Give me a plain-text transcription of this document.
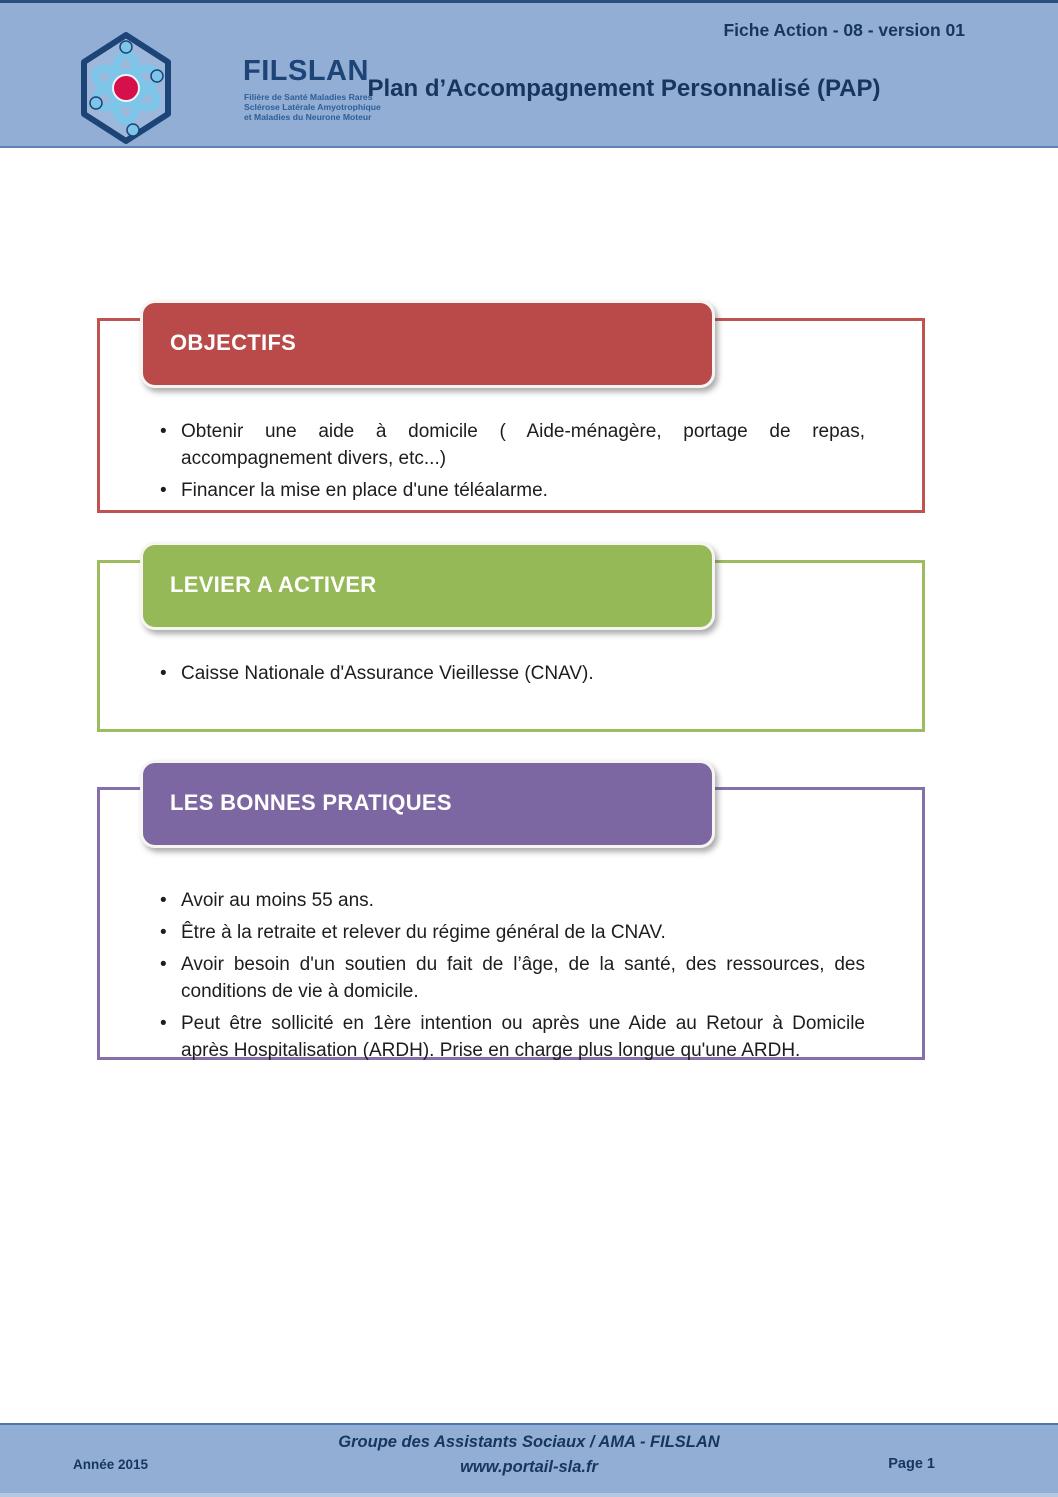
FILSLAN
Filière de Santé Maladies Rares
Sclérose Latérale Amyotrophique
et Maladies du Neurone Moteur
Fiche Action - 08 - version 01
Plan d’Accompagnement Personnalisé (PAP)
• Obtenir une aide à domicile ( Aide-ménagère, portage de repas, accompagnement divers, etc...)
• Financer la mise en place d'une téléalarme.
OBJECTIFS
• Caisse Nationale d'Assurance Vieillesse (CNAV).
LEVIER A ACTIVER
• Avoir au moins 55 ans.
• Être à la retraite et relever du régime général de la CNAV.
• Avoir besoin d'un soutien du fait de l’âge, de la santé, des ressources, des conditions de vie à domicile.
• Peut être sollicité en 1ère intention ou après une Aide au Retour à Domicile après Hospitalisation (ARDH). Prise en charge plus longue qu'une ARDH.
LES BONNES PRATIQUES
Groupe des Assistants Sociaux / AMA - FILSLAN
www.portail-sla.fr
Année 2015	Page 1
